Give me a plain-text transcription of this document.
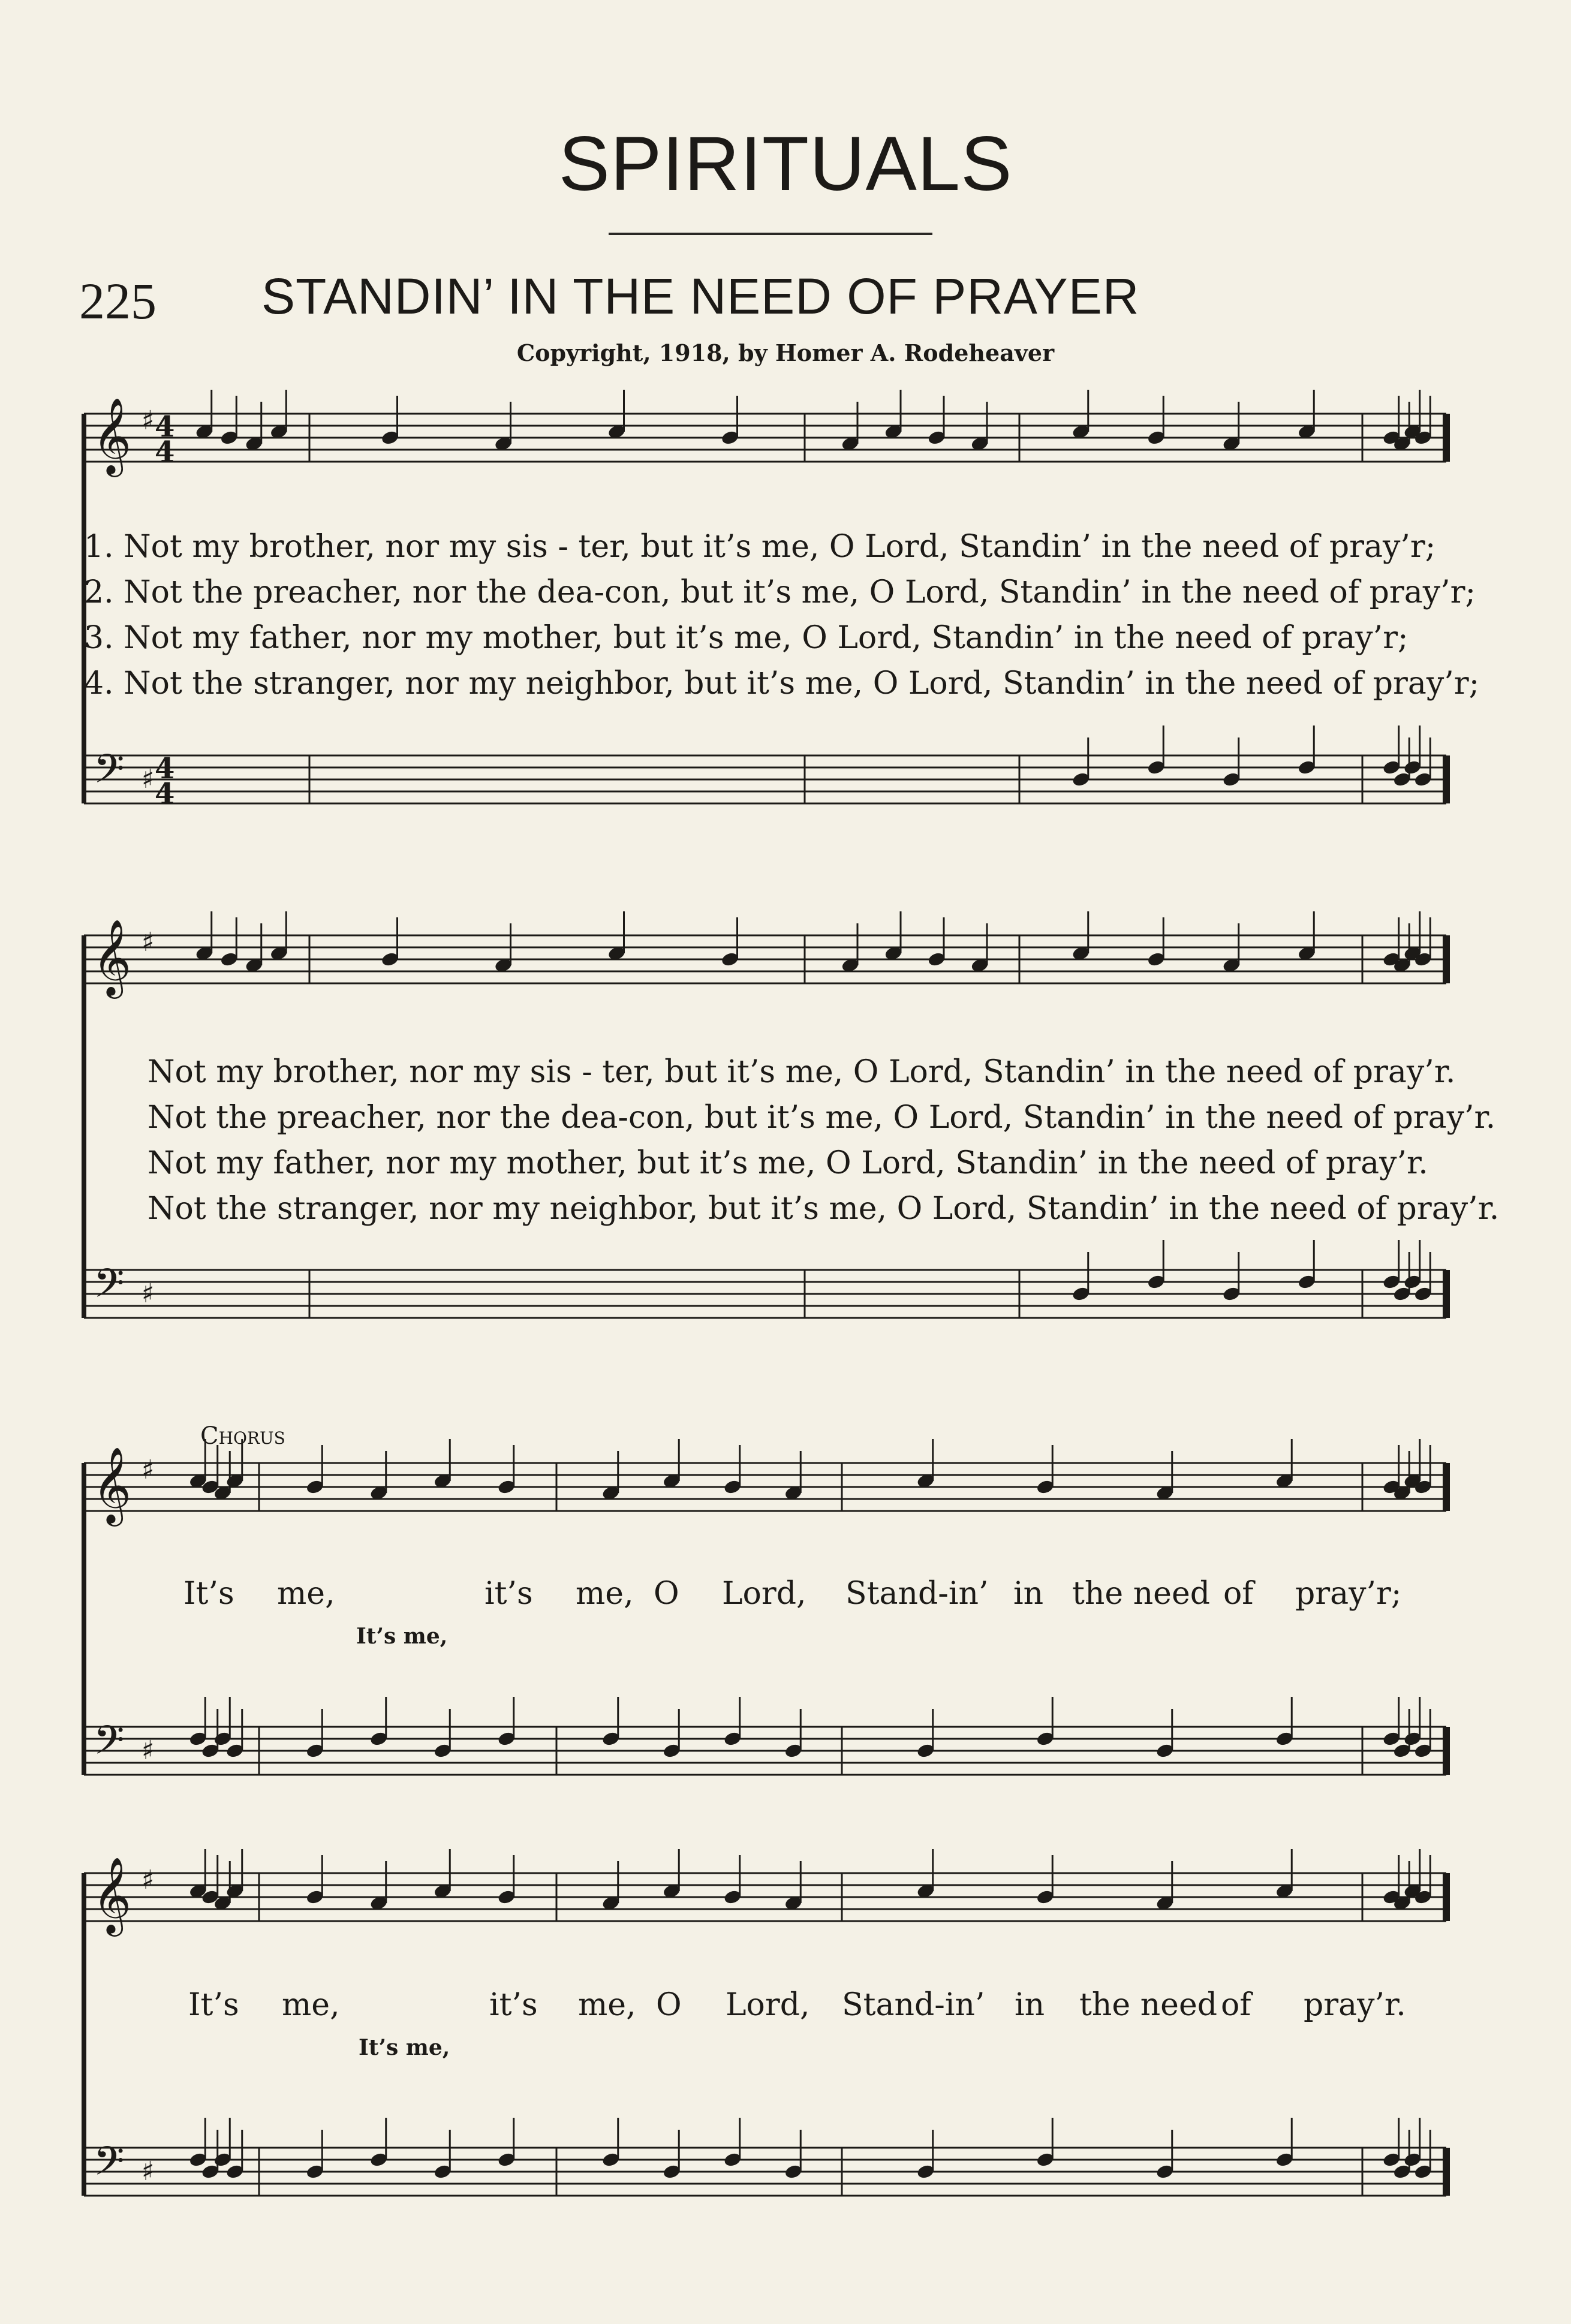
SPIRITUALS
225 STANDIN’ IN THE NEED OF PRAYER
Copyright, 1918, by Homer A. Rodeheaver
𝄞
𝄢
♯
♯
𝄞
𝄢
♯
♯
𝄞
𝄢
♯
♯
𝄞
𝄢
♯
♯
4
4
4
4
1. Not my brother, nor my sis - ter, but it’s me, O Lord, Standin’ in the need of pray’r;
2. Not the preacher, nor the dea-con, but it’s me, O Lord, Standin’ in the need of pray’r;
3. Not my father, nor my mother, but it’s me, O Lord, Standin’ in the need of pray’r;
4. Not the stranger, nor my neighbor, but it’s me, O Lord, Standin’ in the need of pray’r;
Not my brother, nor my sis - ter, but it’s me, O Lord, Standin’ in the need of pray’r.
Not the preacher, nor the dea-con, but it’s me, O Lord, Standin’ in the need of pray’r.
Not my father, nor my mother, but it’s me, O Lord, Standin’ in the need of pray’r.
Not the stranger, nor my neighbor, but it’s me, O Lord, Standin’ in the need of pray’r.
Chorus
It’s me,	it’s me, O Lord, Stand-in’ in the need of pray’r;
It’s me,
It’s me,	it’s me, O Lord, Stand-in’ in the need of pray’r.
It’s me,
